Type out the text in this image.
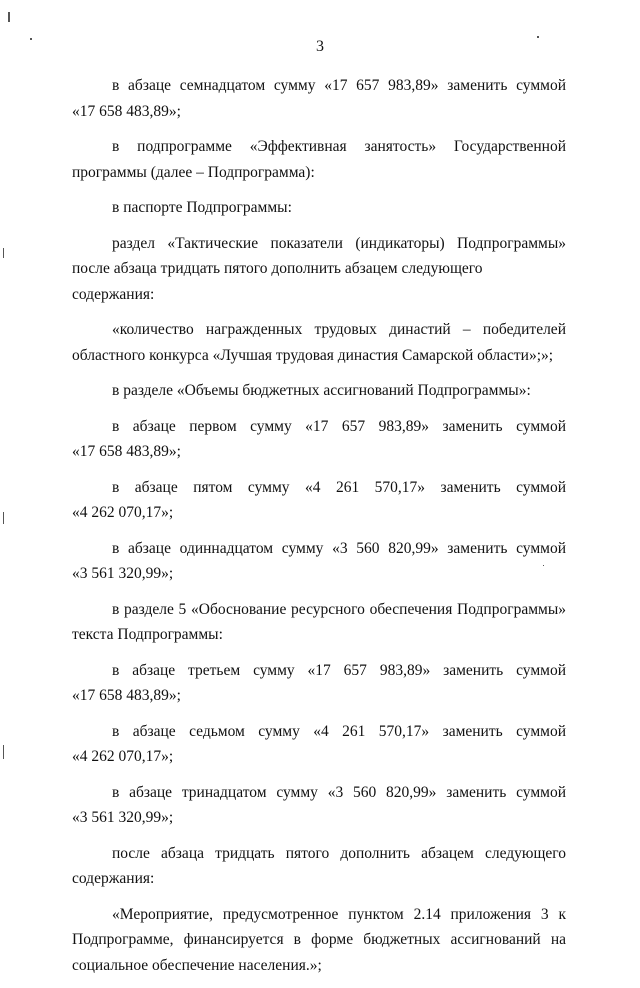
3

в абзаце семнадцатом сумму «17 657 983,89» заменить суммой
«17 658 483,89»;

в подпрограмме «Эффективная занятость» Государственной
программы (далее – Подпрограмма):

в паспорте Подпрограммы:

раздел «Тактические показатели (индикаторы) Подпрограммы»
после абзаца тридцать пятого дополнить абзацем следующего содержания:

«количество награжденных трудовых династий – победителей
областного конкурса «Лучшая трудовая династия Самарской области»;»;

в разделе «Объемы бюджетных ассигнований Подпрограммы»:

в абзаце первом сумму «17 657 983,89» заменить суммой
«17 658 483,89»;

в абзаце пятом сумму «4 261 570,17» заменить суммой
«4 262 070,17»;

в абзаце одиннадцатом сумму «3 560 820,99» заменить суммой
«3 561 320,99»;

в разделе 5 «Обоснование ресурсного обеспечения Подпрограммы»
текста Подпрограммы:

в абзаце третьем сумму «17 657 983,89» заменить суммой
«17 658 483,89»;

в абзаце седьмом сумму «4 261 570,17» заменить суммой
«4 262 070,17»;

в абзаце тринадцатом сумму «3 560 820,99» заменить суммой
«3 561 320,99»;

после абзаца тридцать пятого дополнить абзацем следующего
содержания:

«Мероприятие, предусмотренное пунктом 2.14 приложения 3 к
Подпрограмме, финансируется в форме бюджетных ассигнований на
социальное обеспечение населения.»;
